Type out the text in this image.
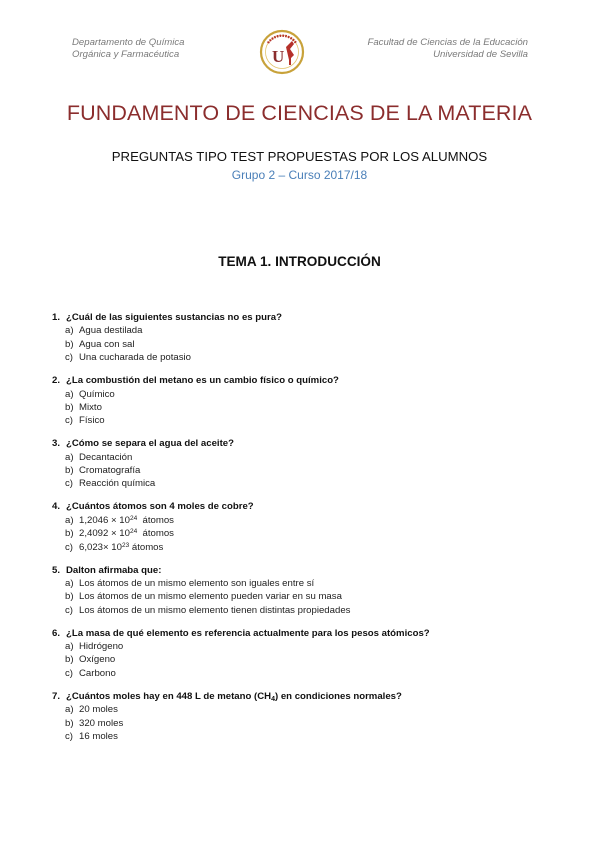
Departamento de Química
Orgánica y Farmacéutica	U
Facultad de Ciencias de la Educación
Universidad de Sevilla
FUNDAMENTO DE CIENCIAS DE LA MATERIA
PREGUNTAS TIPO TEST PROPUESTAS POR LOS ALUMNOS
Grupo 2 – Curso 2017/18
TEMA 1. INTRODUCCIÓN
1. ¿Cuál de las siguientes sustancias no es pura?
a) Agua destilada
b) Agua con sal
c) Una cucharada de potasio
2. ¿La combustión del metano es un cambio físico o químico?
a) Químico
b) Mixto
c) Físico
3. ¿Cómo se separa el agua del aceite?
a) Decantación
b) Cromatografía
c) Reacción química
4. ¿Cuántos átomos son 4 moles de cobre?
a) $1,2046 \times 10^{24}$  átomos
b) $2,4092 \times 10^{24}$  átomos
c) $6,023\times 10^{23}$ átomos
5. Dalton afirmaba que:
a) Los átomos de un mismo elemento son iguales entre sí
b) Los átomos de un mismo elemento pueden variar en su masa
c) Los átomos de un mismo elemento tienen distintas propiedades
6. ¿La masa de qué elemento es referencia actualmente para los pesos atómicos?
a) Hidrógeno
b) Oxígeno
c) Carbono
7. ¿Cuántos moles hay en 448 L de metano $(CH_4)$ en condiciones normales?
a) 20 moles
b) 320 moles
c) 16 moles
